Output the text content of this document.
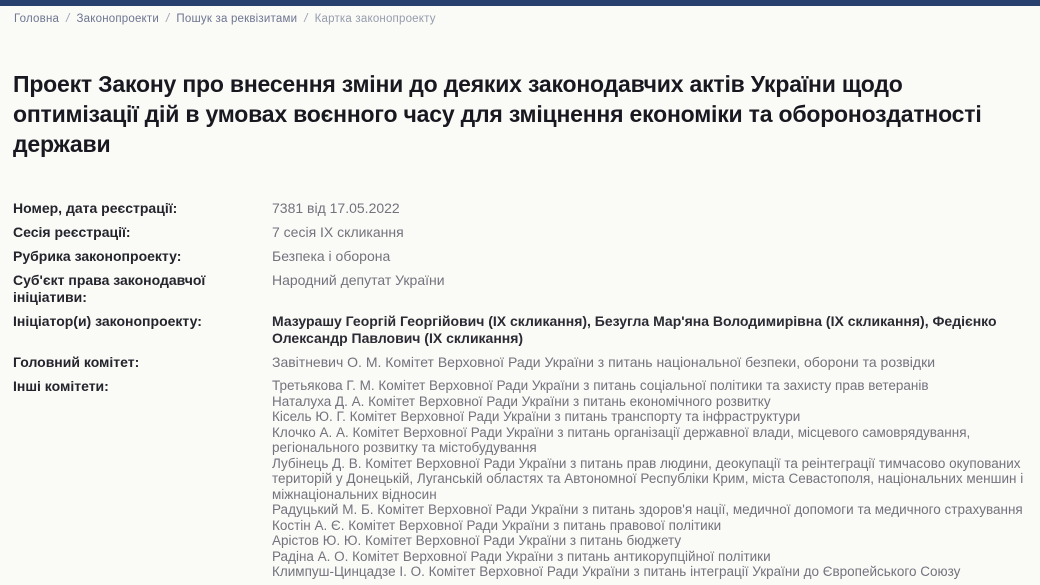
Головна / Законопроекти / Пошук за реквізитами / Картка законопроекту
Проект Закону про внесення зміни до деяких законодавчих актів України щодо оптимізації дій в умовах воєнного часу для зміцнення економіки та обороноздатності держави
Номер, дата реєстрації:	7381 від 17.05.2022
Сесія реєстрації:	7 сесія IX скликання
Рубрика законопроекту:	Безпека і оборона
Суб'єкт права законодавчої ініціативи:
Народний депутат України
Ініціатор(и) законопроекту:	Мазурашу Георгій Георгійович (ІХ скликання), Безугла Мар'яна Володимирівна (ІХ скликання), Федієнко Олександр Павлович (ІХ скликання)
Головний комітет:	Завітневич О. М. Комітет Верховної Ради України з питань національної безпеки, оборони та розвідки
Інші комітети:	Третьякова Г. М. Комітет Верховної Ради України з питань соціальної політики та захисту прав ветеранів
Наталуха Д. А. Комітет Верховної Ради України з питань економічного розвитку
Кісель Ю. Г. Комітет Верховної Ради України з питань транспорту та інфраструктури
Клочко А. А. Комітет Верховної Ради України з питань організації державної влади, місцевого самоврядування, регіонального розвитку та містобудування
Лубінець Д. В. Комітет Верховної Ради України з питань прав людини, деокупації та реінтеграції тимчасово окупованих територій у Донецькій, Луганській областях та Автономної Республіки Крим, міста Севастополя, національних меншин і міжнаціональних відносин
Радуцький М. Б. Комітет Верховної Ради України з питань здоров'я нації, медичної допомоги та медичного страхування
Костін А. Є. Комітет Верховної Ради України з питань правової політики
Арістов Ю. Ю. Комітет Верховної Ради України з питань бюджету
Радіна А. О. Комітет Верховної Ради України з питань антикорупційної політики
Климпуш-Цинцадзе І. О. Комітет Верховної Ради України з питань інтеграції України до Європейського Союзу
